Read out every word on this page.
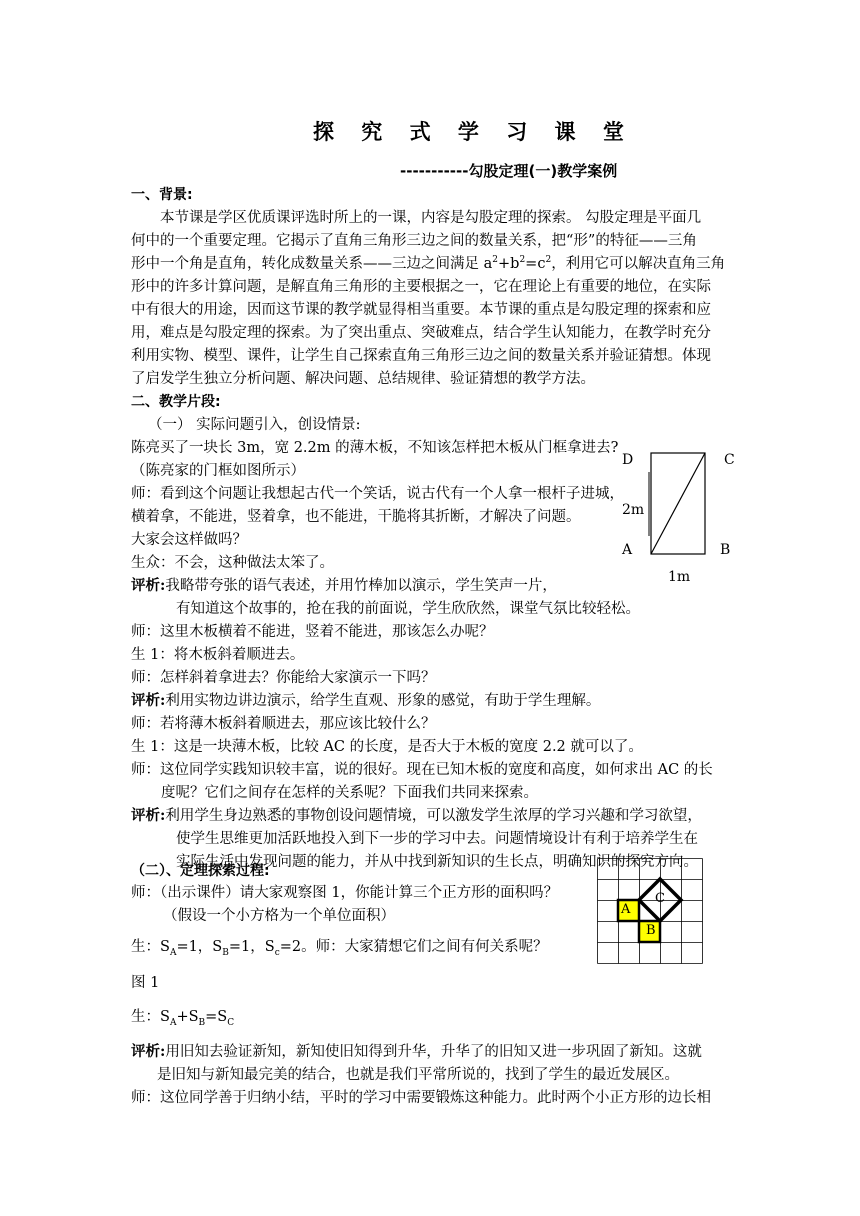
探 究 式 学 习 课 堂
-----------勾股定理(一)教学案例
一、背景:
本节课是学区优质课评选时所上的一课，内容是勾股定理的探索。 勾股定理是平面几
何中的一个重要定理。它揭示了直角三角形三边之间的数量关系，把“形”的特征——三角
形中一个角是直角，转化成数量关系——三边之间满足 $a^2+b^2=c^2$，利用它可以解决直角三角
形中的许多计算问题，是解直角三角形的主要根据之一，它在理论上有重要的地位，在实际
中有很大的用途，因而这节课的教学就显得相当重要。本节课的重点是勾股定理的探索和应
用，难点是勾股定理的探索。为了突出重点、突破难点，结合学生认知能力，在教学时充分
利用实物、模型、课件，让学生自己探索直角三角形三边之间的数量关系并验证猜想。体现
了启发学生独立分析问题、解决问题、总结规律、验证猜想的教学方法。
二、教学片段:
（一） 实际问题引入，创设情景:
陈亮买了一块长 3m，宽 2.2m 的薄木板，不知该怎样把木板从门框拿进去?
（陈亮家的门框如图所示）
师：看到这个问题让我想起古代一个笑话，说古代有一个人拿一根杆子进城，
横着拿，不能进，竖着拿，也不能进，干脆将其折断，才解决了问题。
大家会这样做吗？
生众：不会，这种做法太笨了。
评析:我略带夸张的语气表述，并用竹棒加以演示，学生笑声一片，
有知道这个故事的，抢在我的前面说，学生欣欣然，课堂气氛比较轻松。
师：这里木板横着不能进，竖着不能进，那该怎么办呢？
生 1：将木板斜着顺进去。
师：怎样斜着拿进去？你能给大家演示一下吗？
评析:利用实物边讲边演示，给学生直观、形象的感觉，有助于学生理解。
师：若将薄木板斜着顺进去，那应该比较什么？
生 1：这是一块薄木板，比较 AC 的长度，是否大于木板的宽度 2.2 就可以了。
师：这位同学实践知识较丰富，说的很好。现在已知木板的宽度和高度，如何求出 AC 的长
度呢？它们之间存在怎样的关系呢？下面我们共同来探索。
评析:利用学生身边熟悉的事物创设问题情境，可以激发学生浓厚的学习兴趣和学习欲望，
使学生思维更加活跃地投入到下一步的学习中去。问题情境设计有利于培养学生在
实际生活中发现问题的能力，并从中找到新知识的生长点，明确知识的探究方向。
D	C
2m
A	B
1m
（二）、定理探索过程:
师：（出示课件）请大家观察图 1，你能计算三个正方形的面积吗？
（假设一个小方格为一个单位面积）
生：$S_A=1$，$S_B=1$，$S_c=2$。师：大家猜想它们之间有何关系呢？
图 1
生：$S_A+S_B=S_C$
评析:用旧知去验证新知，新知使旧知得到升华，升华了的旧知又进一步巩固了新知。这就
是旧知与新知最完美的结合，也就是我们平常所说的，找到了学生的最近发展区。
师：这位同学善于归纳小结，平时的学习中需要锻炼这种能力。此时两个小正方形的边长相
A
C
B
